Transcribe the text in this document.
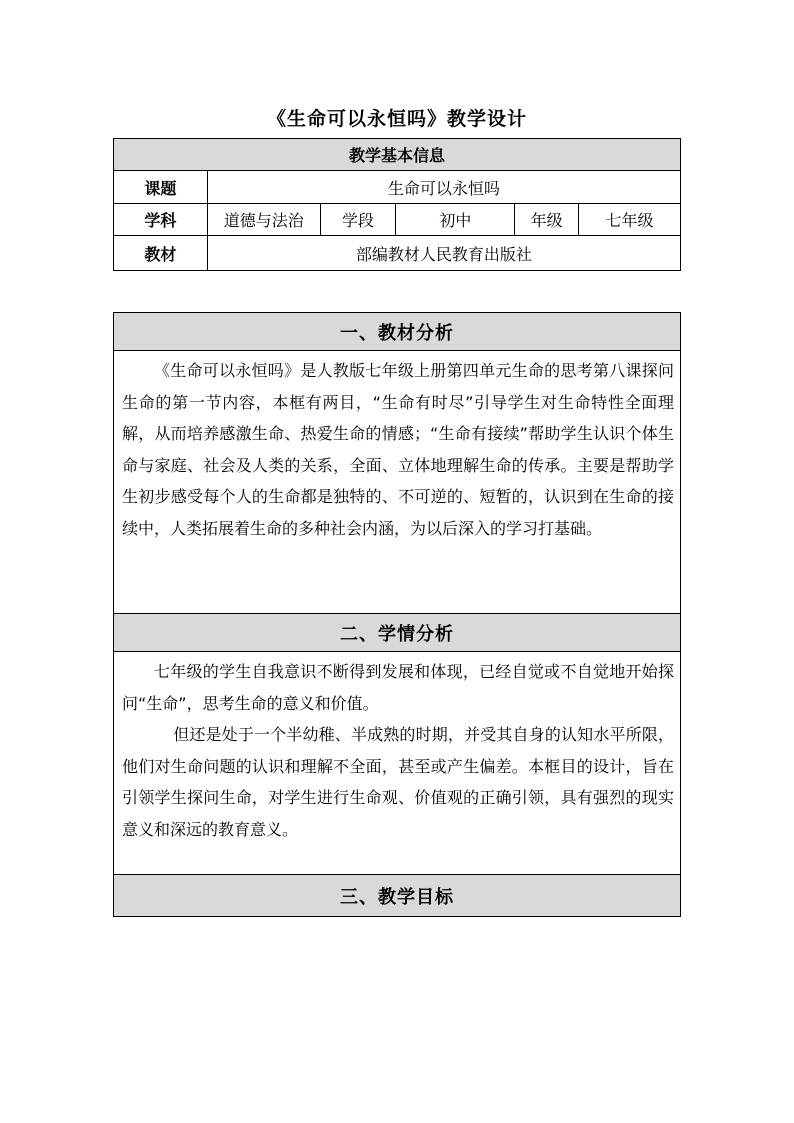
《生命可以永恒吗》教学设计
教学基本信息					
课题	生命可以永恒吗				
学科	道德与法治	学段	初中	年级	七年级
教材	部编教材人民教育出版社				
一、教材分析

《生命可以永恒吗》是人教版七年级上册第四单元生命的思考第八课探问生命的第一节内容，本框有两目，“生命有时尽”引导学生对生命特性全面理解，从而培养感激生命、热爱生命的情感；“生命有接续”帮助学生认识个体生命与家庭、社会及人类的关系，全面、立体地理解生命的传承。主要是帮助学生初步感受每个人的生命都是独特的、不可逆的、短暂的，认识到在生命的接续中，人类拓展着生命的多种社会内涵，为以后深入的学习打基础。

二、学情分析

七年级的学生自我意识不断得到发展和体现，已经自觉或不自觉地开始探问“生命”，思考生命的意义和价值。

但还是处于一个半幼稚、半成熟的时期，并受其自身的认知水平所限，他们对生命问题的认识和理解不全面，甚至或产生偏差。本框目的设计，旨在引领学生探问生命，对学生进行生命观、价值观的正确引领，具有强烈的现实意义和深远的教育意义。

三、教学目标
